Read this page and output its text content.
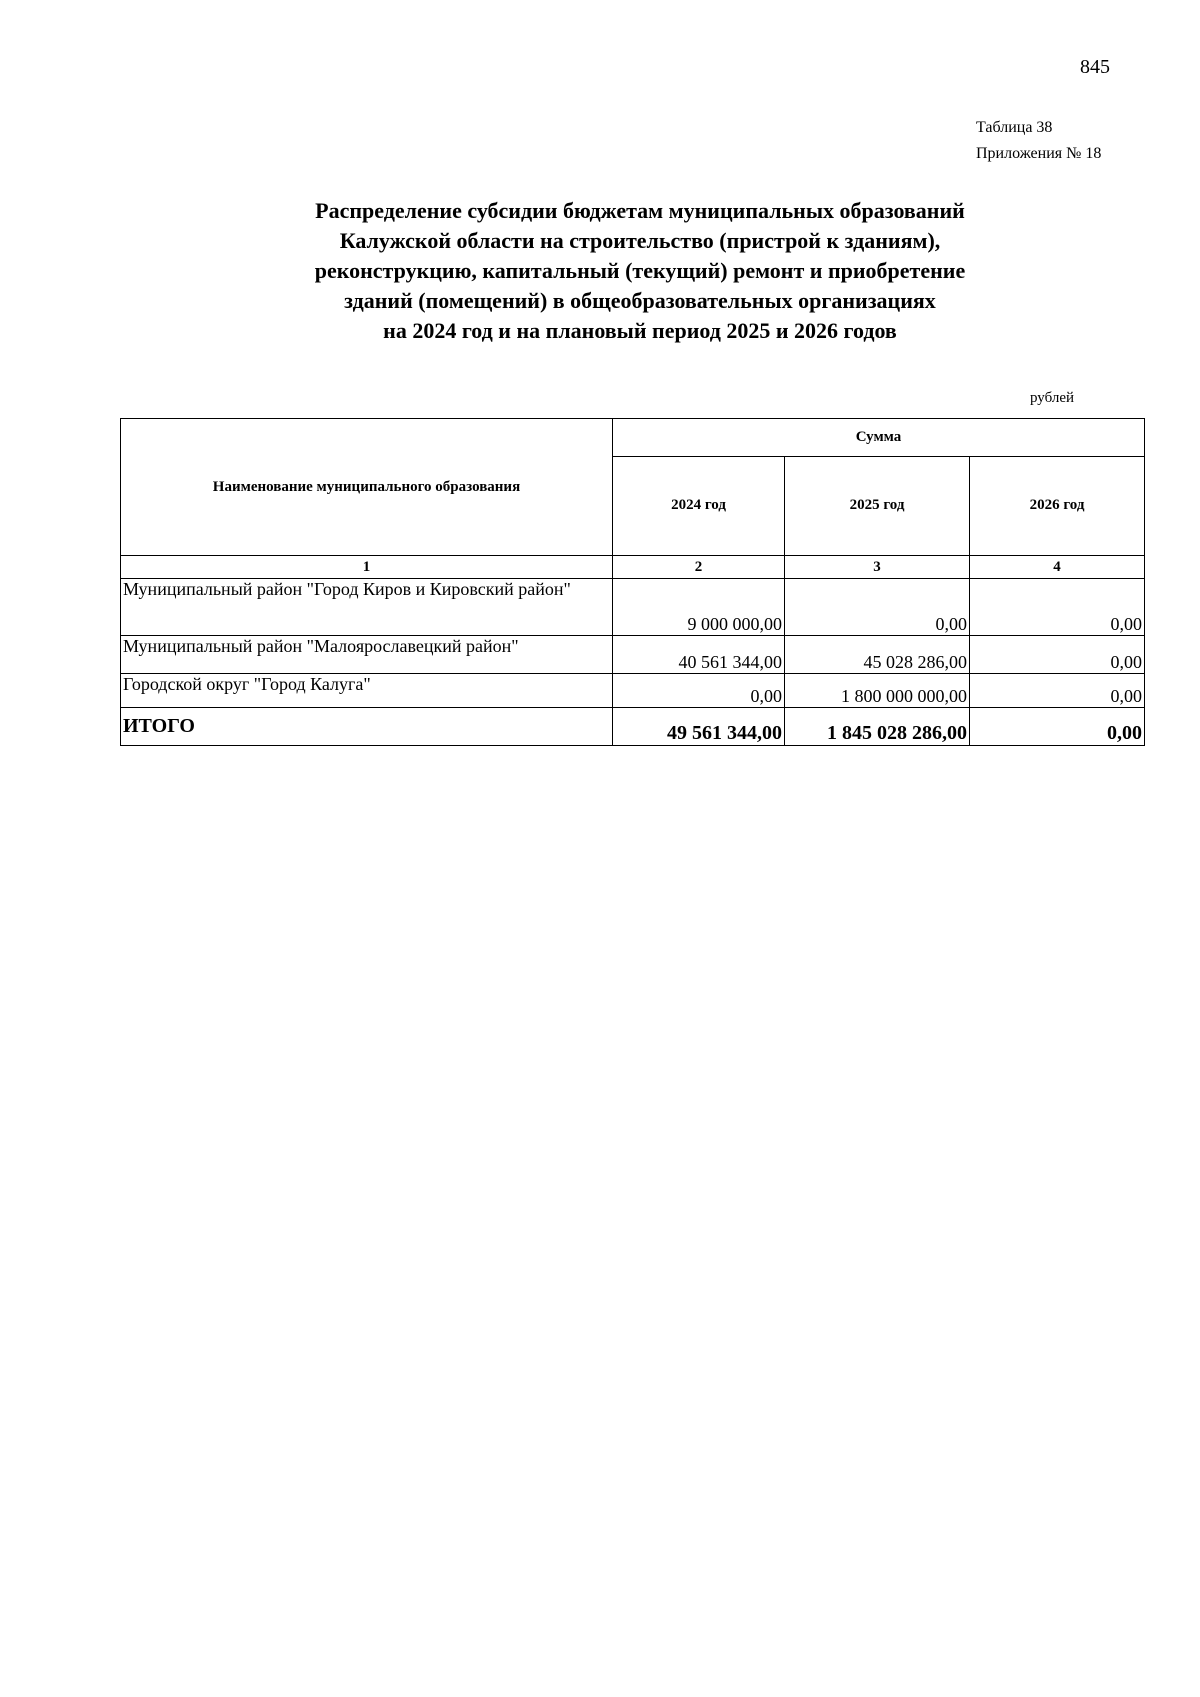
845
Таблица 38
Приложения № 18
Распределение субсидии бюджетам муниципальных образований
Калужской области на строительство (пристрой к зданиям),
реконструкцию, капитальный (текущий) ремонт и приобретение
зданий (помещений) в общеобразовательных организациях
на 2024 год и на плановый период 2025 и 2026 годов
рублей
Наименование муниципального образования	Сумма		
	2024 год	2025 год	2026 год
1	2	3	4
Муниципальный район "Город Киров и Кировский район"	9 000 000,00	0,00	0,00
Муниципальный район "Малоярославецкий район"	40 561 344,00	45 028 286,00	0,00
Городской округ "Город Калуга"	0,00	1 800 000 000,00	0,00
ИТОГО	49 561 344,00	1 845 028 286,00	0,00
